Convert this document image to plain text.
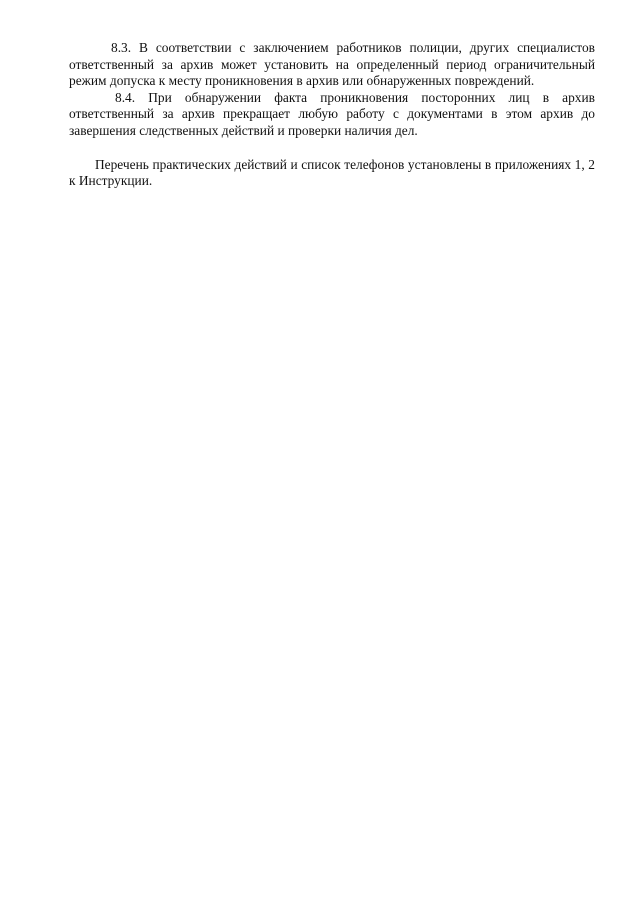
8.3. В соответствии с заключением работников полиции, других специалистов ответственный за архив может установить на определенный период ограничительный режим допуска к месту проникновения в архив или обнаруженных повреждений.

8.4. При обнаружении факта проникновения посторонних лиц в архив ответственный за архив прекращает любую работу с документами в этом архив до завершения следственных действий и проверки наличия дел.

Перечень практических действий и список телефонов установлены в приложениях 1, 2 к Инструкции.
